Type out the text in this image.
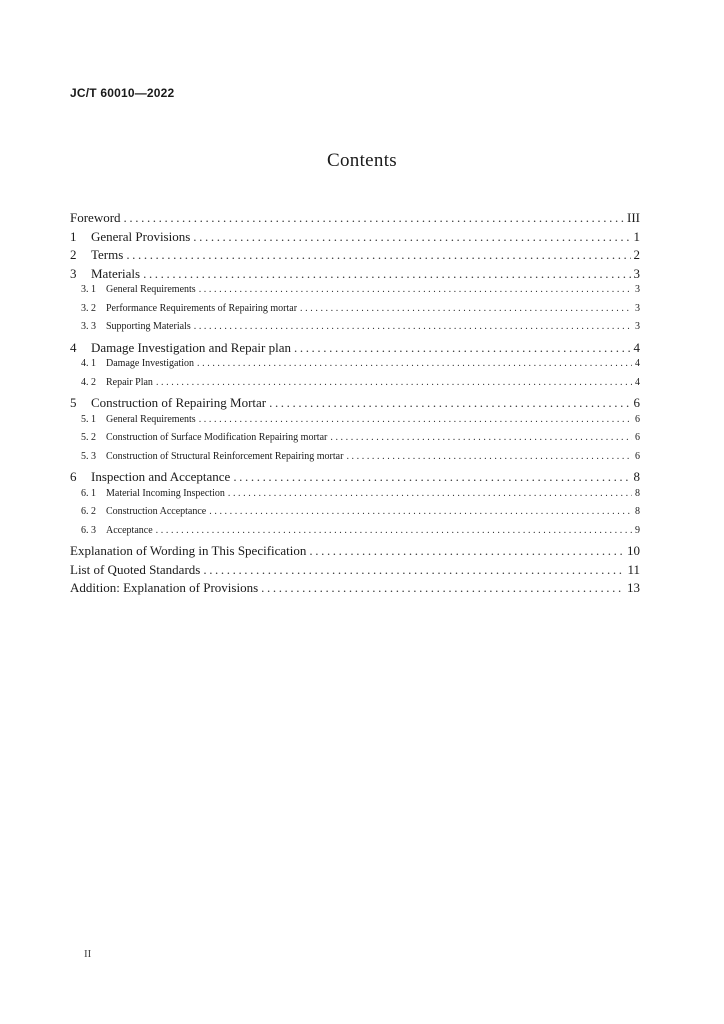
JC/T 60010—2022
Contents
Foreword .....	III
1	General Provisions .....	1
2	Terms .....	2
3	Materials .....	3
3. 1	General Requirements .....	3
3. 2	Performance Requirements of Repairing mortar .....	3
3. 3	Supporting Materials .....	3
4	Damage Investigation and Repair plan .....	4
4. 1	Damage Investigation .....	4
4. 2	Repair Plan .....	4
5	Construction of Repairing Mortar .....	6
5. 1	General Requirements .....	6
5. 2	Construction of Surface Modification Repairing mortar .....	6
5. 3	Construction of Structural Reinforcement Repairing mortar .....	6
6	Inspection and Acceptance .....	8
6. 1	Material Incoming Inspection .....	8
6. 2	Construction Acceptance .....	8
6. 3	Acceptance .....	9
Explanation of Wording in This Specification .....	10
List of Quoted Standards .....	11
Addition: Explanation of Provisions .....	13
II
